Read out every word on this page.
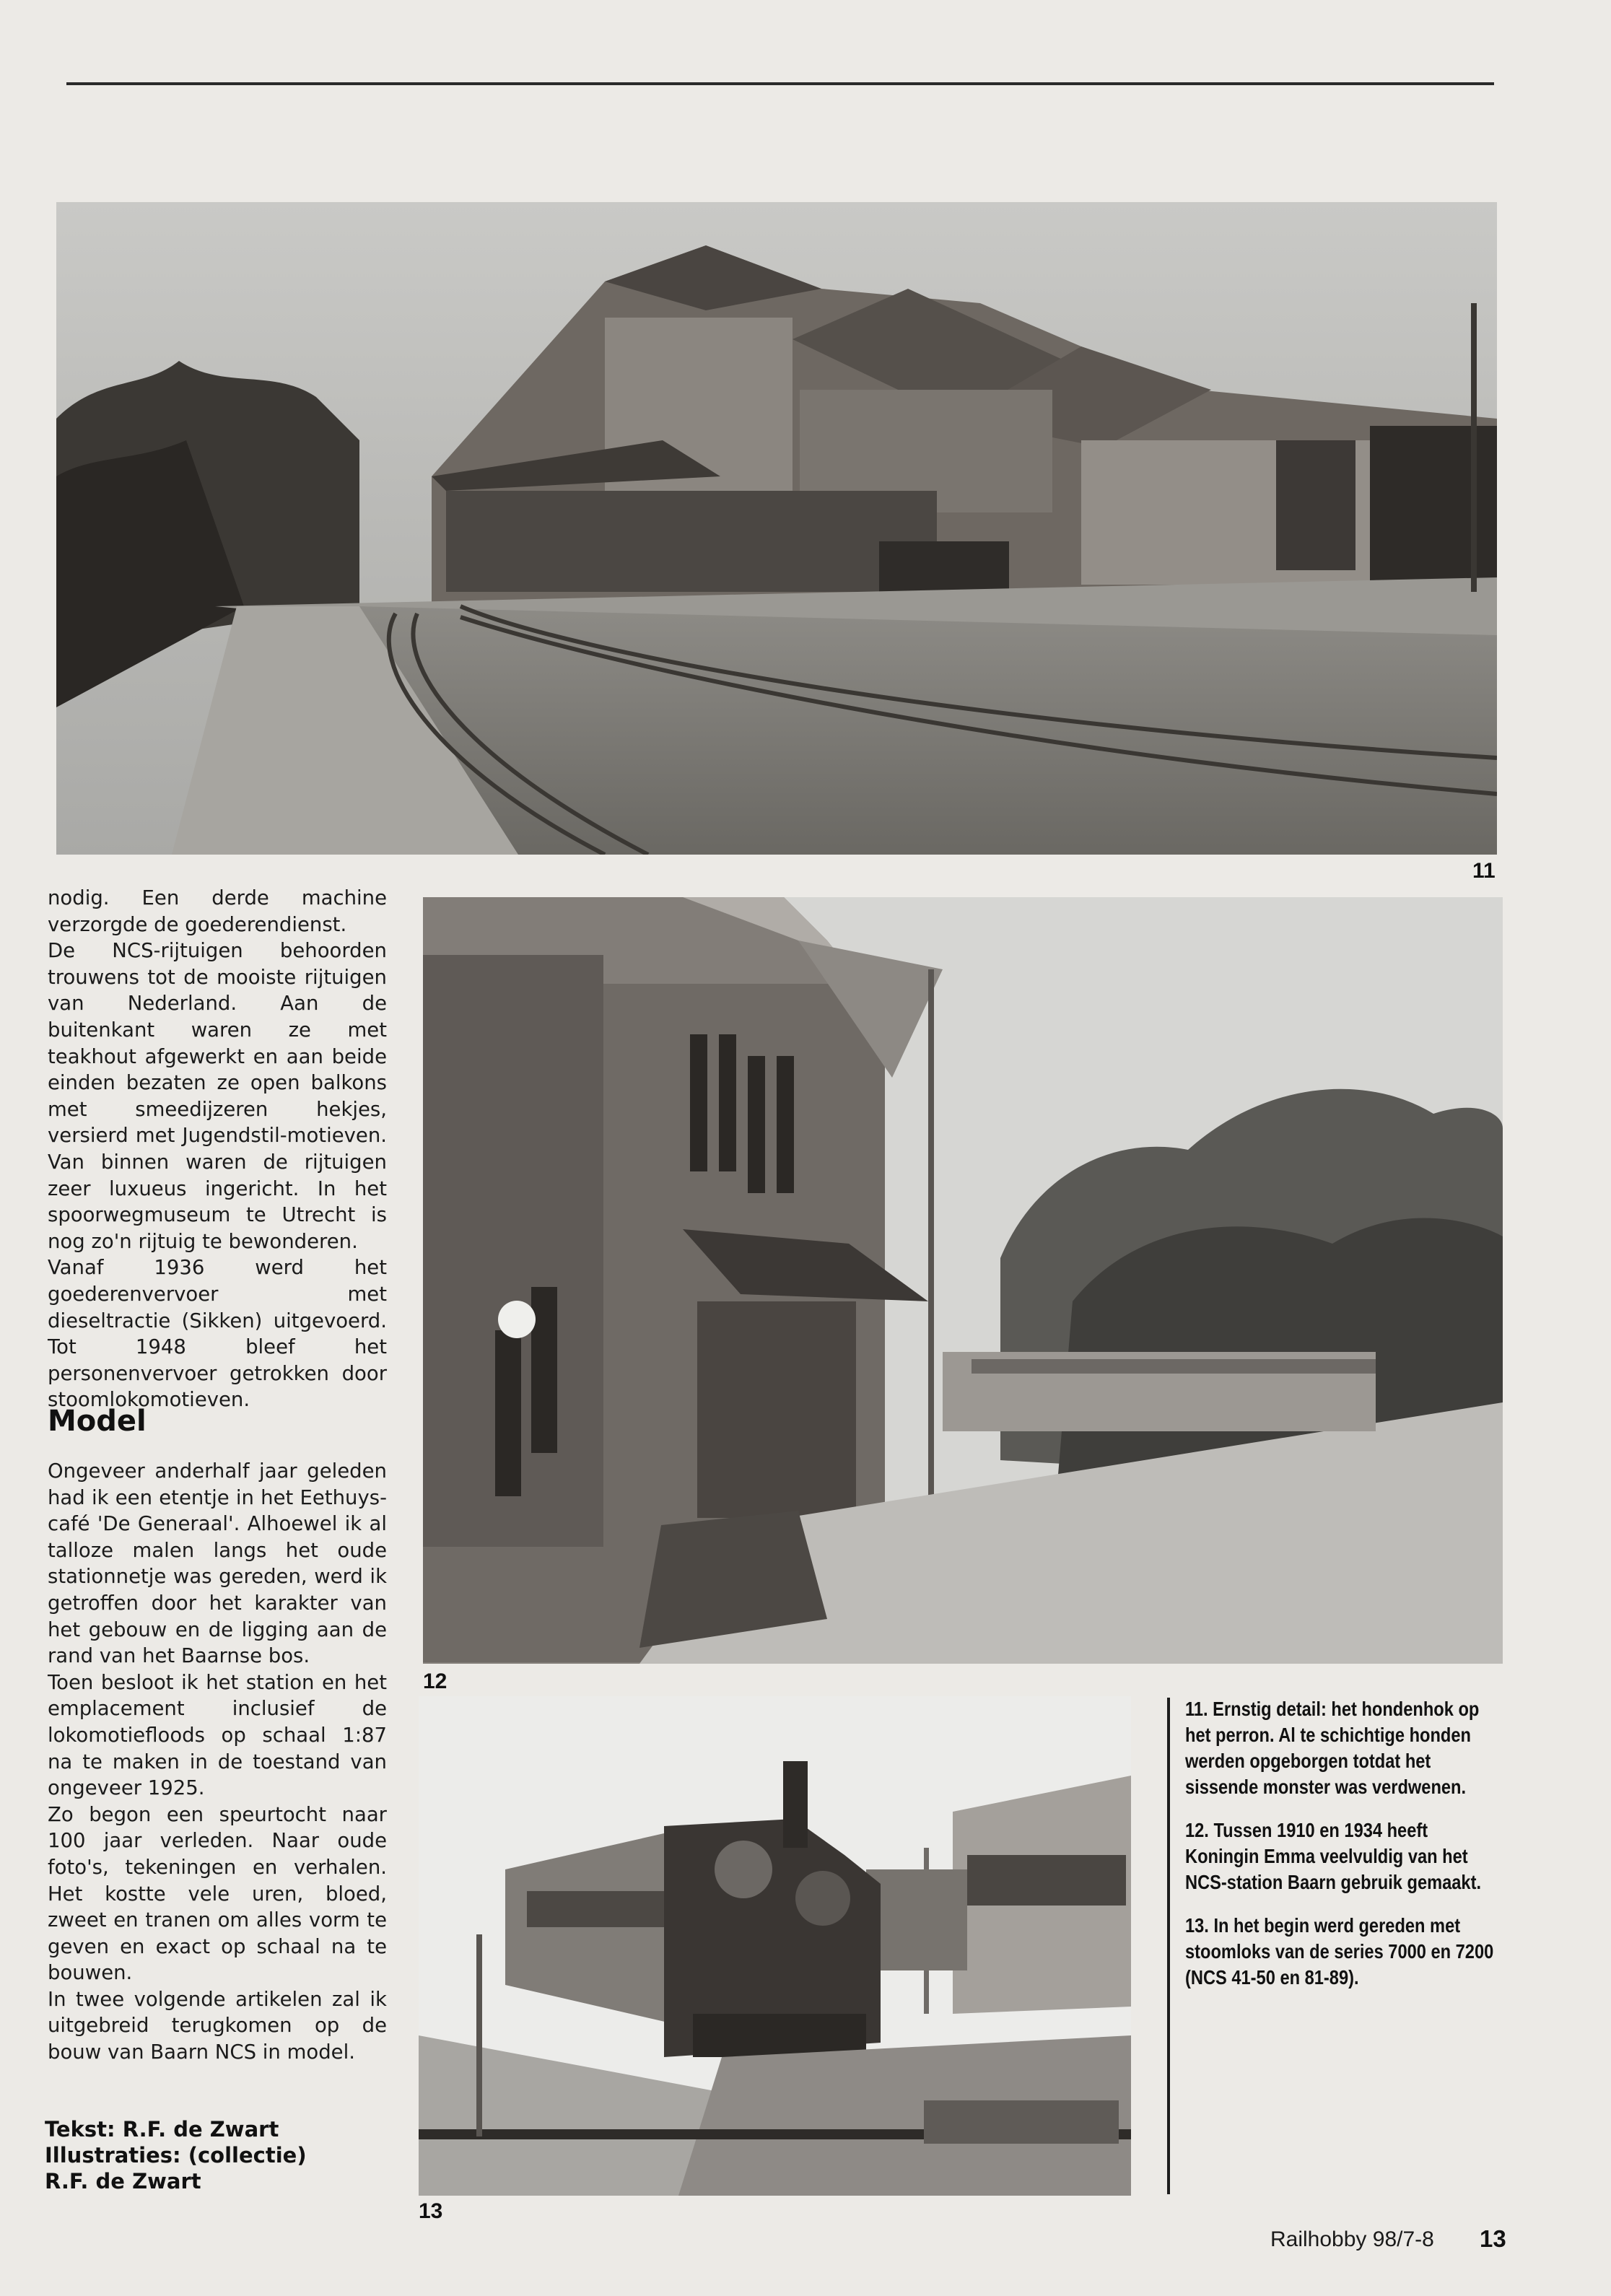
11
12
13

nodig. Een derde machine verzorgde de goederendienst.

De NCS-rijtuigen behoorden trouwens tot de mooiste rijtuigen van Nederland. Aan de buitenkant waren ze met teakhout afgewerkt en aan beide einden bezaten ze open balkons met smeedijzeren hekjes, versierd met Jugendstil-motieven. Van binnen waren de rijtuigen zeer luxueus ingericht. In het spoorwegmuseum te Utrecht is nog zo'n rijtuig te bewonderen.

Vanaf 1936 werd het goederenvervoer met dieseltractie (Sikken) uitgevoerd. Tot 1948 bleef het personenvervoer getrokken door stoomlokomotieven.

Model

Ongeveer anderhalf jaar geleden had ik een etentje in het Eethuys-café 'De Generaal'. Alhoewel ik al talloze malen langs het oude stationnetje was gereden, werd ik getroffen door het karakter van het gebouw en de ligging aan de rand van het Baarnse bos.

Toen besloot ik het station en het emplacement inclusief de lokomotiefloods op schaal 1:87 na te maken in de toestand van ongeveer 1925.

Zo begon een speurtocht naar 100 jaar verleden. Naar oude foto's, tekeningen en verhalen. Het kostte vele uren, bloed, zweet en tranen om alles vorm te geven en exact op schaal na te bouwen.

In twee volgende artikelen zal ik uitgebreid terugkomen op de bouw van Baarn NCS in model.

Tekst: R.F. de Zwart
Illustraties: (collectie)
R.F. de Zwart

11. Ernstig detail: het hondenhok op het perron. Al te schichtige honden werden opgeborgen totdat het sissende monster was verdwenen.

12. Tussen 1910 en 1934 heeft Koningin Emma veelvuldig van het NCS-station Baarn gebruik gemaakt.

13. In het begin werd gereden met stoomloks van de series 7000 en 7200 (NCS 41-50 en 81-89).

Railhobby 98/7-8 13
